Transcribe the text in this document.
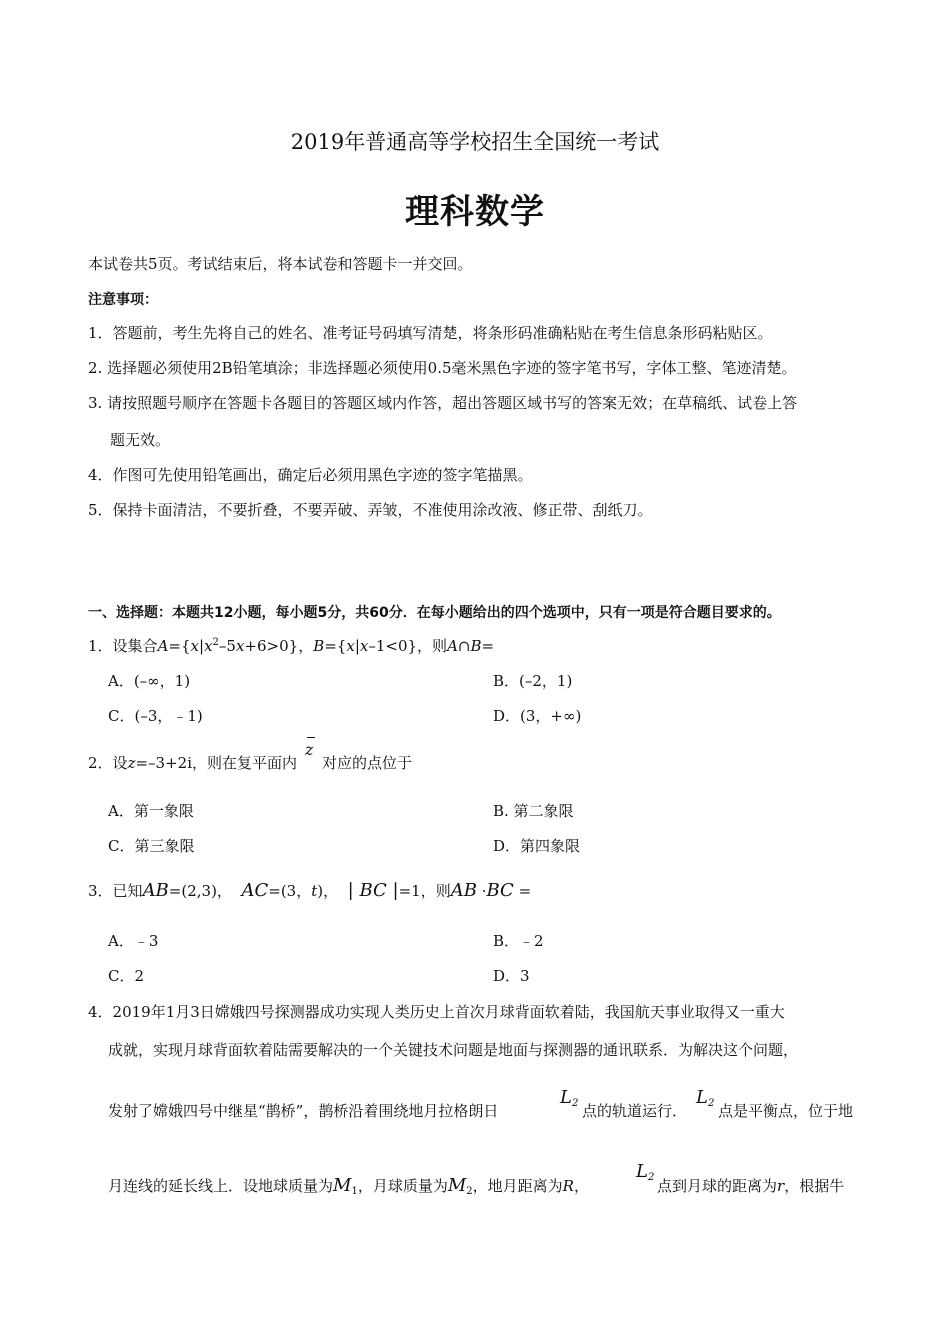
2019年普通高等学校招生全国统一考试
理科数学
本试卷共5页。考试结束后，将本试卷和答题卡一并交回。
注意事项：
1．答题前，考生先将自己的姓名、准考证号码填写清楚，将条形码准确粘贴在考生信息条形码粘贴区。
2. 选择题必须使用2B铅笔填涂；非选择题必须使用0.5毫米黑色字迹的签字笔书写，字体工整、笔迹清楚。
3. 请按照题号顺序在答题卡各题目的答题区域内作答，超出答题区域书写的答案无效；在草稿纸、试卷上答
题无效。
4．作图可先使用铅笔画出，确定后必须用黑色字迹的签字笔描黑。
5．保持卡面清洁，不要折叠，不要弄破、弄皱，不准使用涂改液、修正带、刮纸刀。
一、选择题：本题共12小题，每小题5分，共60分．在每小题给出的四个选项中，只有一项是符合题目要求的。
1．设集合$A=\{x|x^2-5x+6>0\}$，B={x|x–1<0}，则A∩B=
A．(–∞，1)	B．(–2，1)
C．(–3，﹣1)	D．(3，+∞)
2．设z=–3+2i，则在复平面内
z
对应的点位于
A．第一象限	B. 第二象限
C．第三象限	D．第四象限
3．已知AB=(2,3)， AC=(3，t)， | BC |=1，则AB ·BC =
A．﹣3	B．﹣2
C．2	D．3
4．2019年1月3日嫦娥四号探测器成功实现人类历史上首次月球背面软着陆，我国航天事业取得又一重大
成就，实现月球背面软着陆需要解决的一个关键技术问题是地面与探测器的通讯联系．为解决这个问题，
发射了嫦娥四号中继星“鹊桥”，鹊桥沿着围绕地月拉格朗日
$L_2$ 点的轨道运行．
$L_2$ 点是平衡点，位于地
月连线的延长线上．设地球质量为$M_1$，月球质量为$M_2$，地月距离为R，
$L_2$ 点到月球的距离为r，根据牛
